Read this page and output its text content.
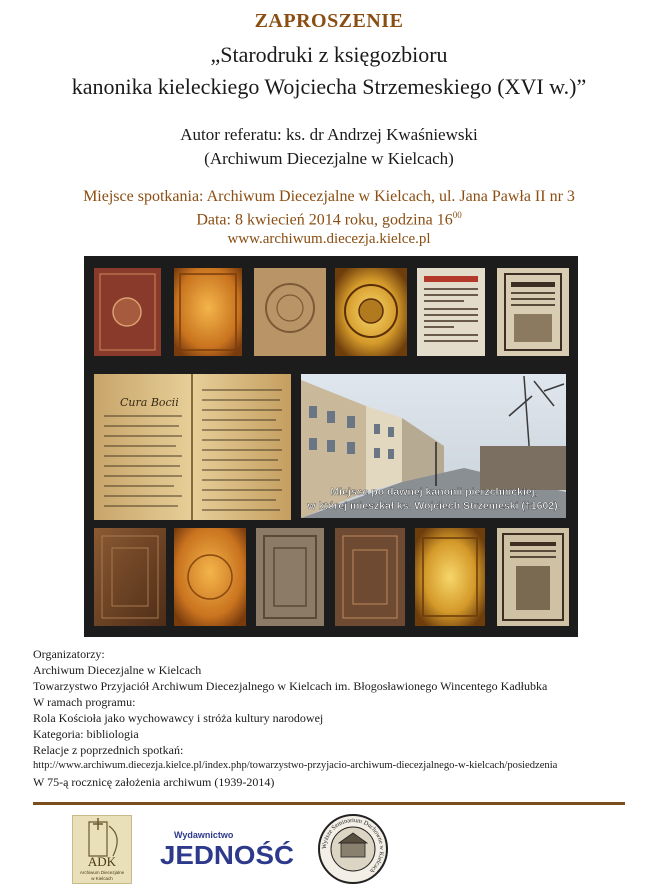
ZAPROSZENIE
„Starodruki z księgozbioru
kanonika kieleckiego Wojciecha Strzemeskiego (XVI w.)”
Autor referatu: ks. dr Andrzej Kwaśniewski
(Archiwum Diecezjalne w Kielcach)
Miejsce spotkania: Archiwum Diecezjalne w Kielcach, ul. Jana Pawła II nr 3
Data: 8 kwiecień 2014 roku, godzina $16^{00}$
www.archiwum.diecezja.kielce.pl
Cura Bocii
Miejsce po dawnej kanonii pierzchnickiej,
w której mieszkał ks. Wojciech Strzemeski (†1602).
Organizatorzy:
Archiwum Diecezjalne w Kielcach
Towarzystwo Przyjaciół Archiwum Diecezjalnego w Kielcach im. Błogosławionego Wincentego Kadłubka
W ramach programu:
Rola Kościoła jako wychowawcy i stróża kultury narodowej
Kategoria: bibliologia
Relacje z poprzednich spotkań:
http://www.archiwum.diecezja.kielce.pl/index.php/towarzystwo-przyjacio-archiwum-diecezjalnego-w-kielcach/posiedzenia
W 75-ą rocznicę założenia archiwum (1939-2014)
ADK
Archiwum Diecezjalne
w Kielcach
Wydawnictwo
JEDNOŚĆ	Wyższe Seminarium Duchowne w Kielcach
